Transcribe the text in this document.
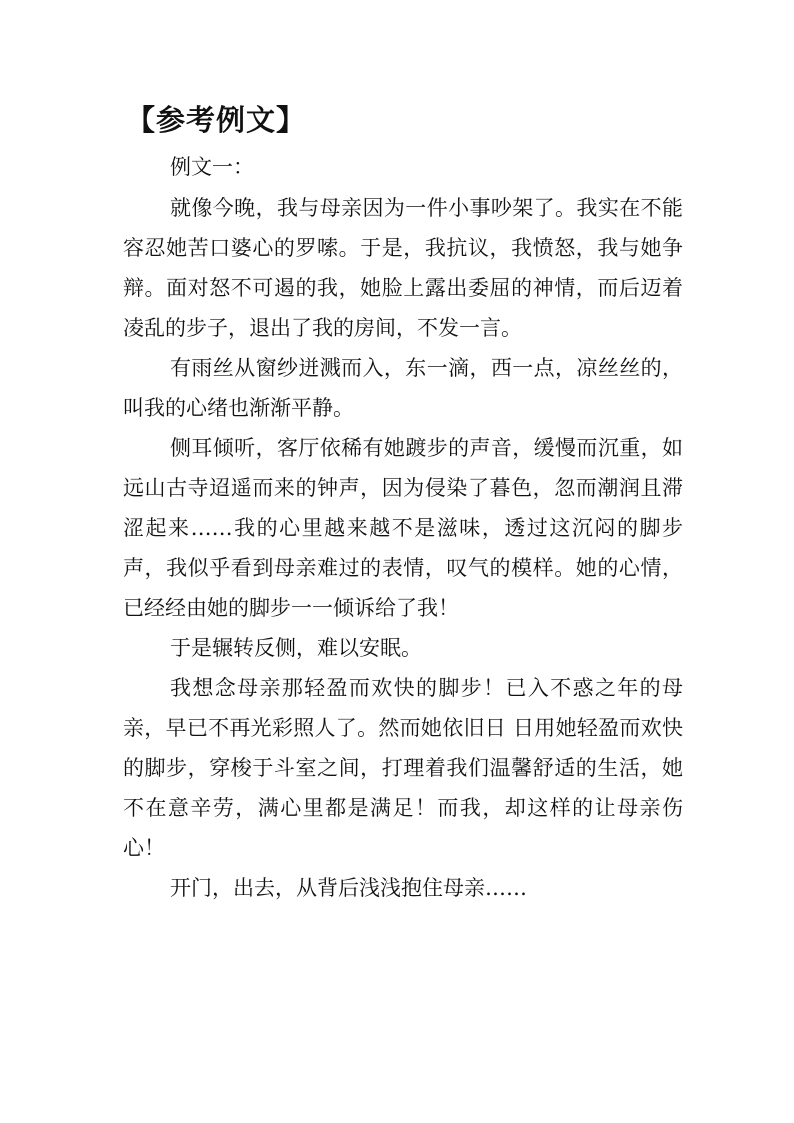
【参考例文】

例文一：

就像今晚，我与母亲因为一件小事吵架了。我实在不能容忍她苦口婆心的罗嗦。于是，我抗议，我愤怒，我与她争辩。面对怒不可遏的我，她脸上露出委屈的神情，而后迈着凌乱的步子，退出了我的房间，不发一言。

有雨丝从窗纱迸溅而入，东一滴，西一点，凉丝丝的，叫我的心绪也渐渐平静。

侧耳倾听，客厅依稀有她踱步的声音，缓慢而沉重，如远山古寺迢遥而来的钟声，因为侵染了暮色，忽而潮润且滞涩起来……我的心里越来越不是滋味，透过这沉闷的脚步声，我似乎看到母亲难过的表情，叹气的模样。她的心情，已经经由她的脚步一一倾诉给了我！

于是辗转反侧，难以安眠。

我想念母亲那轻盈而欢快的脚步！已入不惑之年的母亲，早已不再光彩照人了。然而她依旧日 日用她轻盈而欢快的脚步，穿梭于斗室之间，打理着我们温馨舒适的生活，她不在意辛劳，满心里都是满足！而我，却这样的让母亲伤心！

开门，出去，从背后浅浅抱住母亲……
